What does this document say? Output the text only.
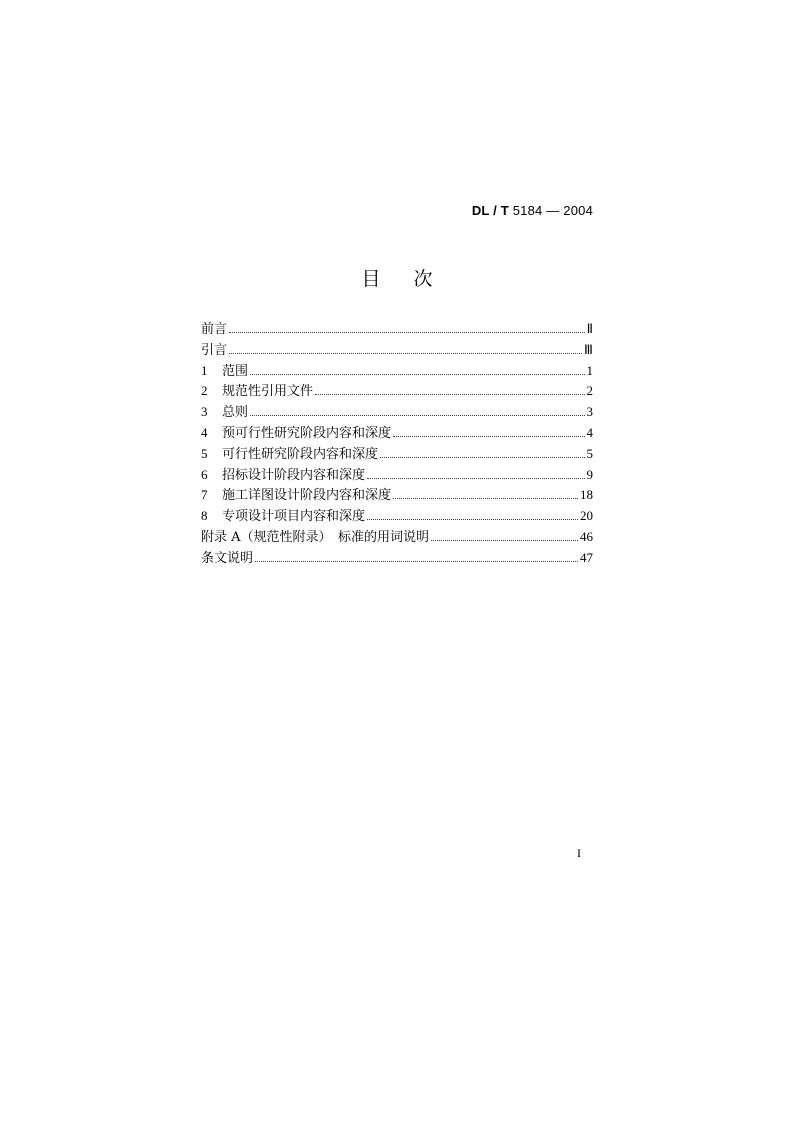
DL / T 5184 — 2004
目次
前言	Ⅱ
引言	Ⅲ
1	范围	1
2	规范性引用文件	2
3	总则	3
4	预可行性研究阶段内容和深度	4
5	可行性研究阶段内容和深度	5
6	招标设计阶段内容和深度	9
7	施工详图设计阶段内容和深度	18
8	专项设计项目内容和深度	20
附录 A（规范性附录）　标准的用词说明	46
条文说明	47
I
